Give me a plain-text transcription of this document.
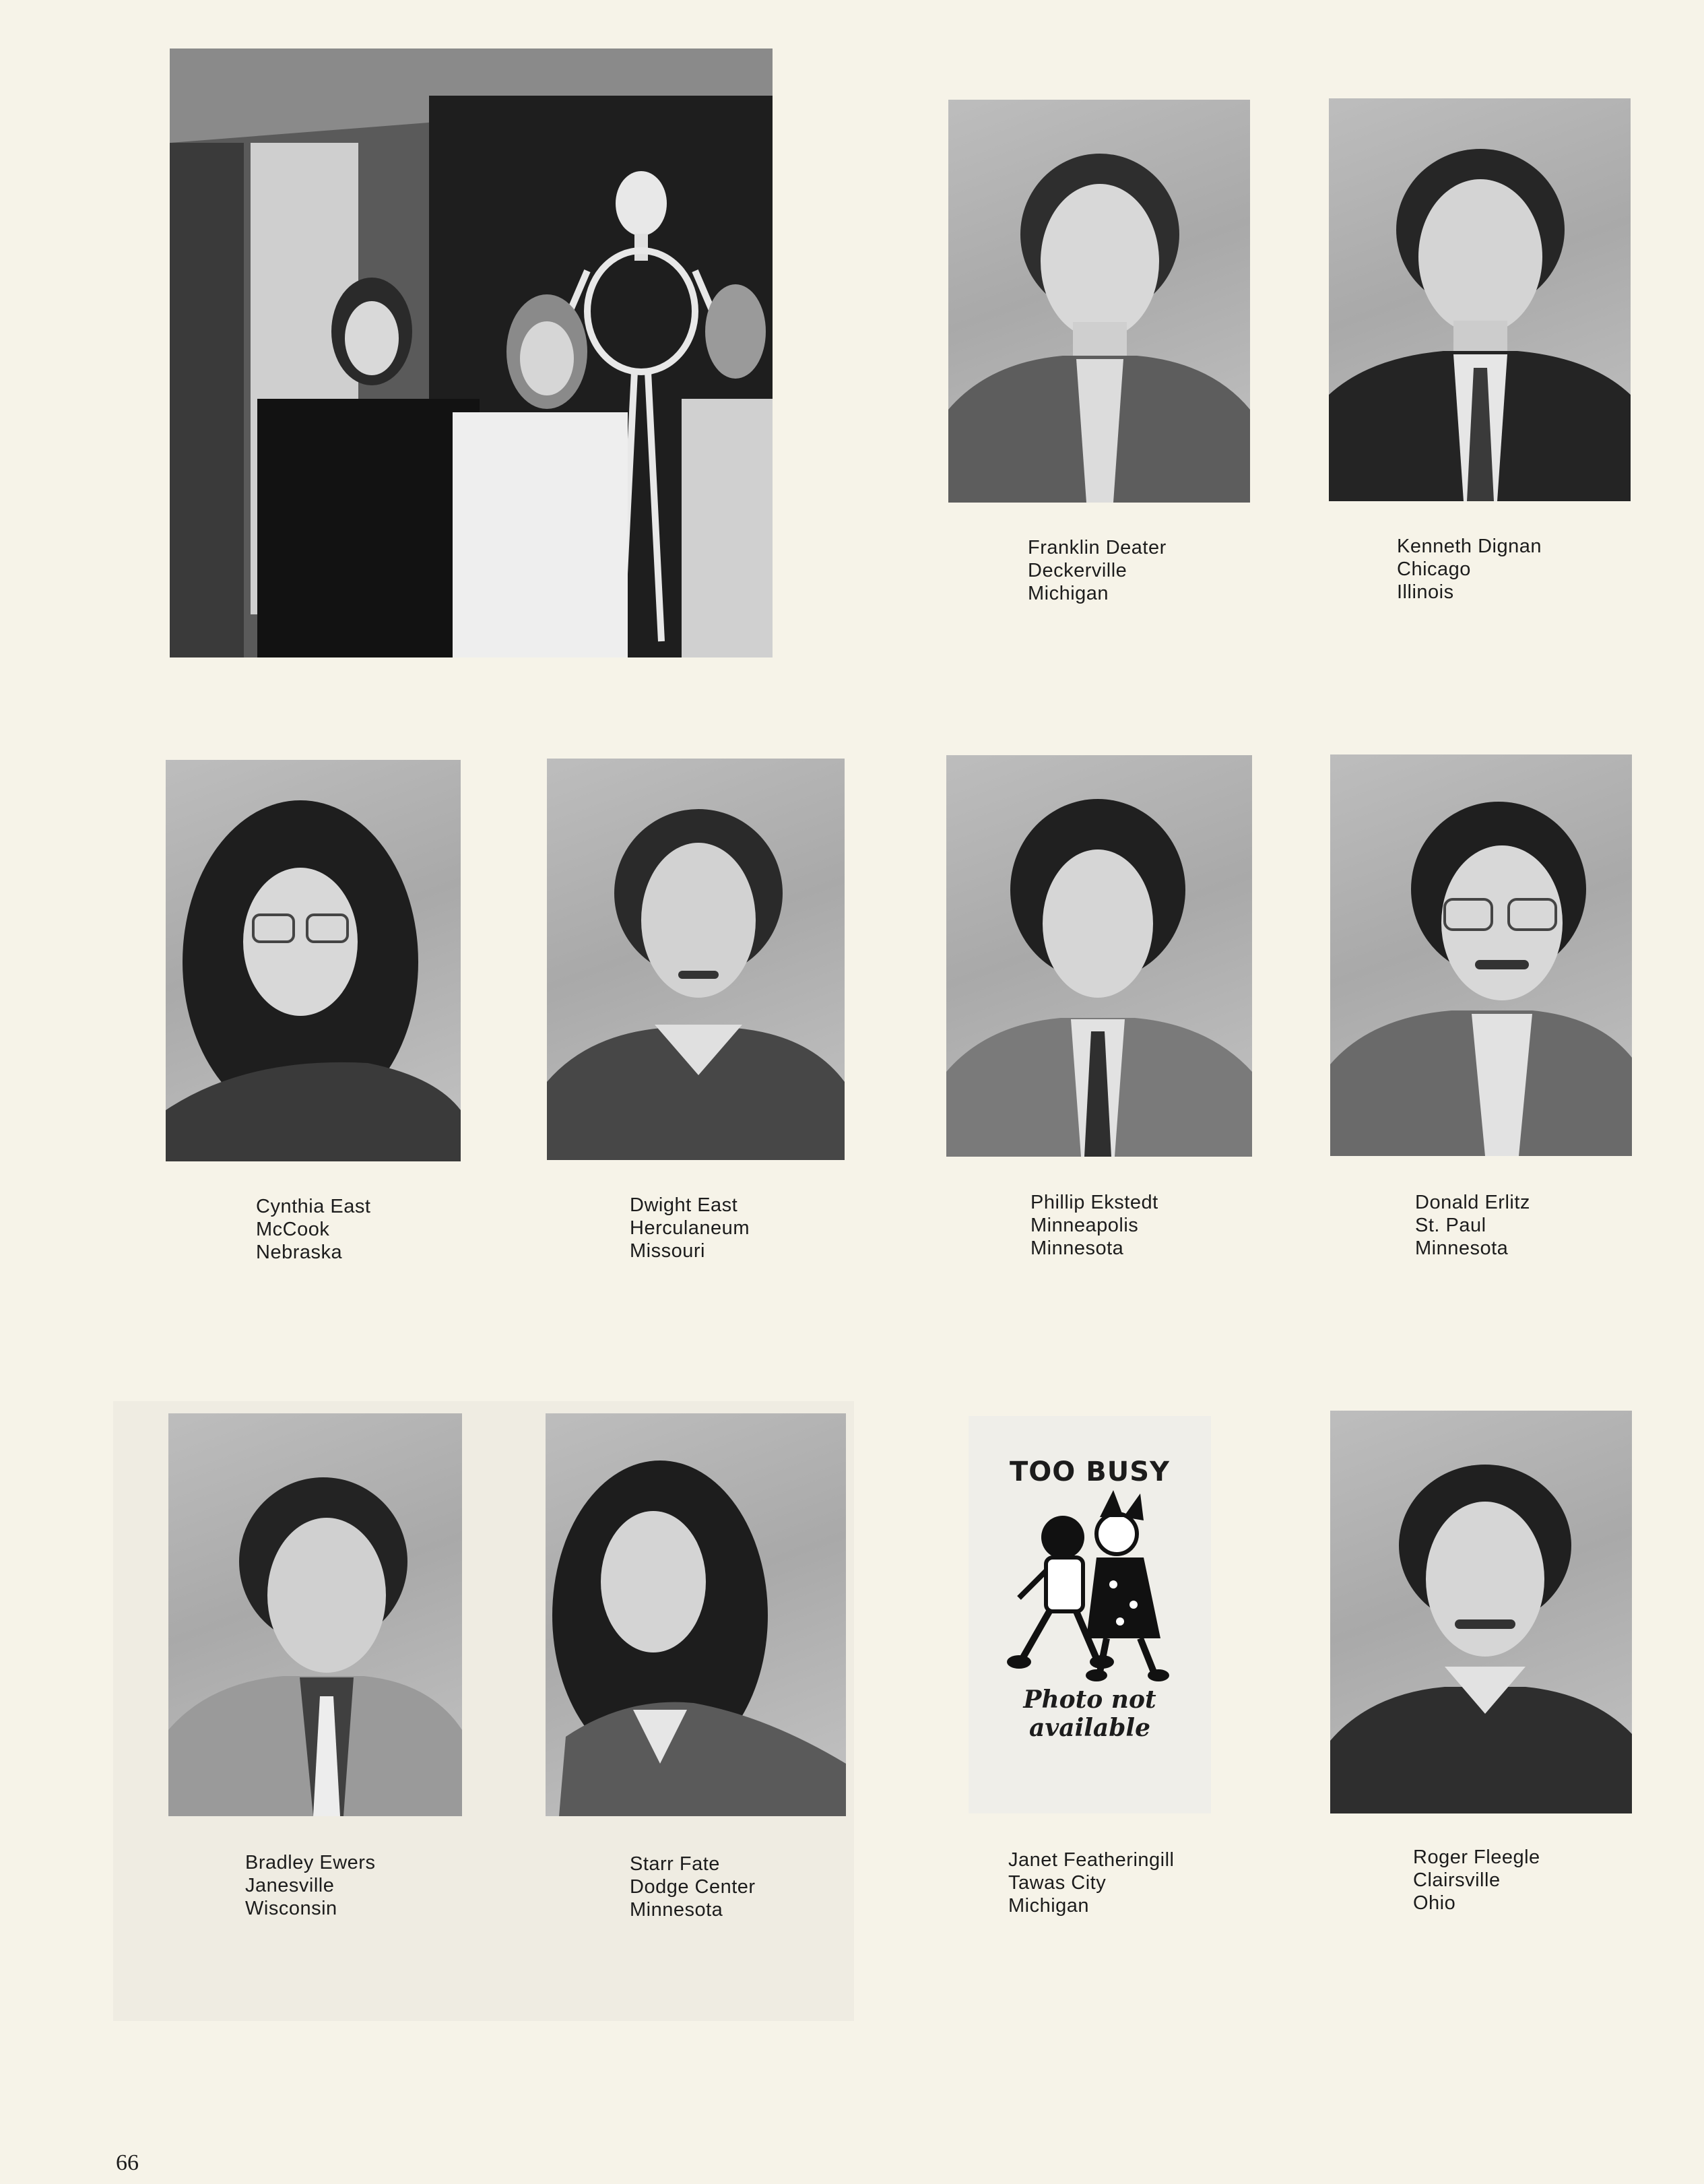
Franklin Deater
Deckerville
Michigan
Kenneth Dignan
Chicago
Illinois
Cynthia East
McCook
Nebraska
Dwight East
Herculaneum
Missouri
Phillip Ekstedt
Minneapolis
Minnesota
Donald Erlitz
St. Paul
Minnesota
Bradley Ewers
Janesville
Wisconsin
Starr Fate
Dodge Center
Minnesota
TOO BUSY
Photo not available
Janet Featheringill
Tawas City
Michigan
Roger Fleegle
Clairsville
Ohio
66
